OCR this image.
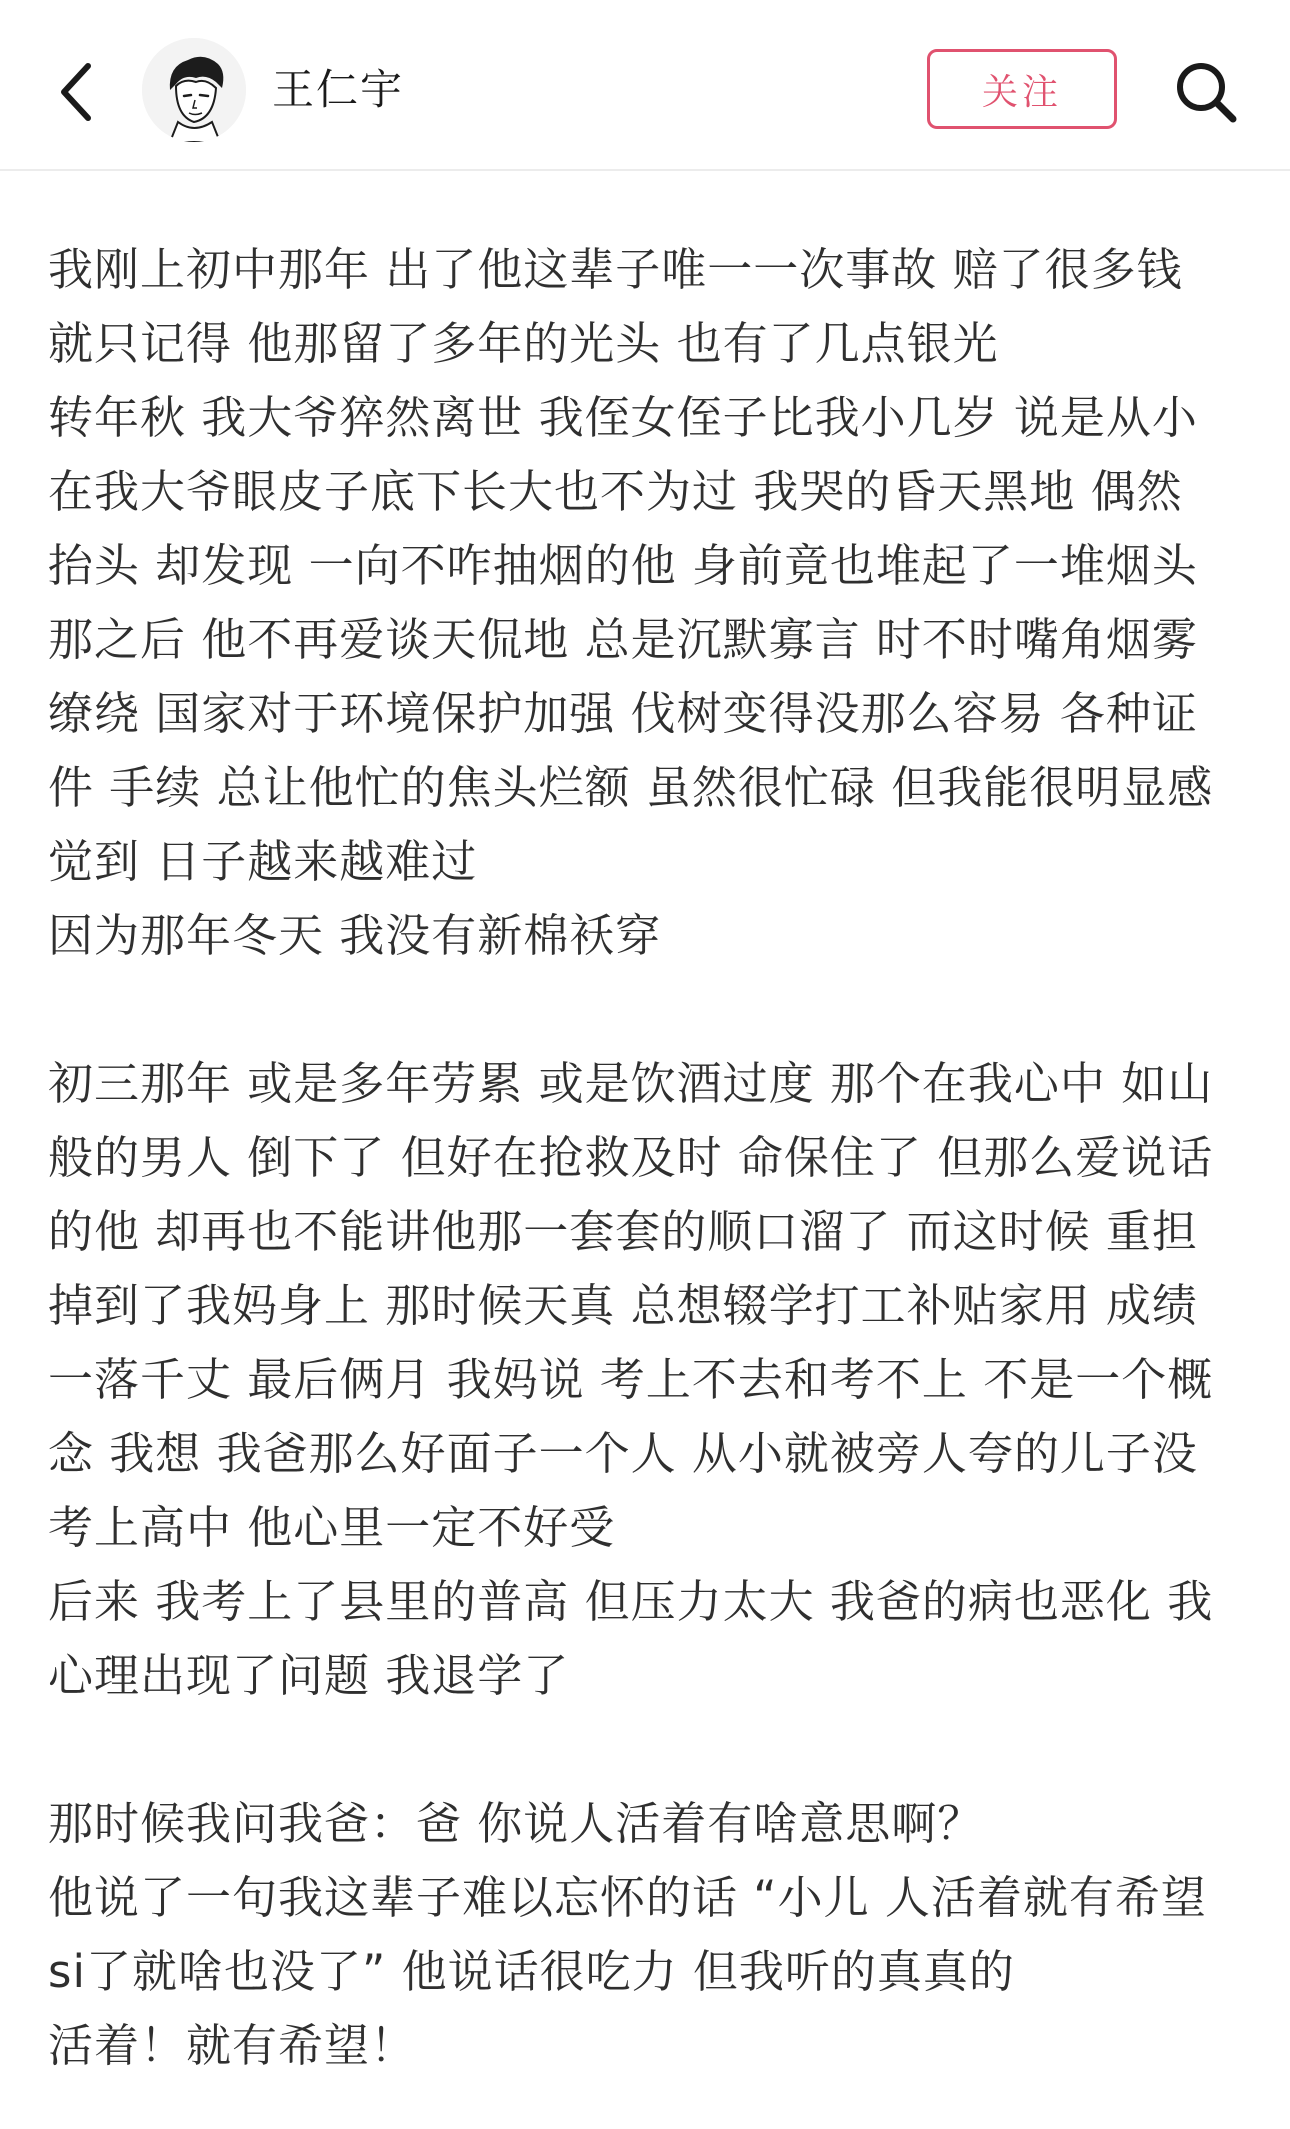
王仁宇	关注
我刚上初中那年 出了他这辈子唯一一次事故 赔了很多钱
就只记得 他那留了多年的光头 也有了几点银光
转年秋 我大爷猝然离世 我侄女侄子比我小几岁 说是从小
在我大爷眼皮子底下长大也不为过 我哭的昏天黑地 偶然
抬头 却发现 一向不咋抽烟的他 身前竟也堆起了一堆烟头
那之后 他不再爱谈天侃地 总是沉默寡言 时不时嘴角烟雾
缭绕 国家对于环境保护加强 伐树变得没那么容易 各种证
件 手续 总让他忙的焦头烂额 虽然很忙碌 但我能很明显感
觉到 日子越来越难过
因为那年冬天 我没有新棉袄穿
初三那年 或是多年劳累 或是饮酒过度 那个在我心中 如山
般的男人 倒下了 但好在抢救及时 命保住了 但那么爱说话
的他 却再也不能讲他那一套套的顺口溜了 而这时候 重担
掉到了我妈身上 那时候天真 总想辍学打工补贴家用 成绩
一落千丈 最后俩月 我妈说 考上不去和考不上 不是一个概
念 我想 我爸那么好面子一个人 从小就被旁人夸的儿子没
考上高中 他心里一定不好受
后来 我考上了县里的普高 但压力太大 我爸的病也恶化 我
心理出现了问题 我退学了
那时候我问我爸：爸 你说人活着有啥意思啊？
他说了一句我这辈子难以忘怀的话 “小儿 人活着就有希望
si了就啥也没了” 他说话很吃力 但我听的真真的
活着！就有希望！
